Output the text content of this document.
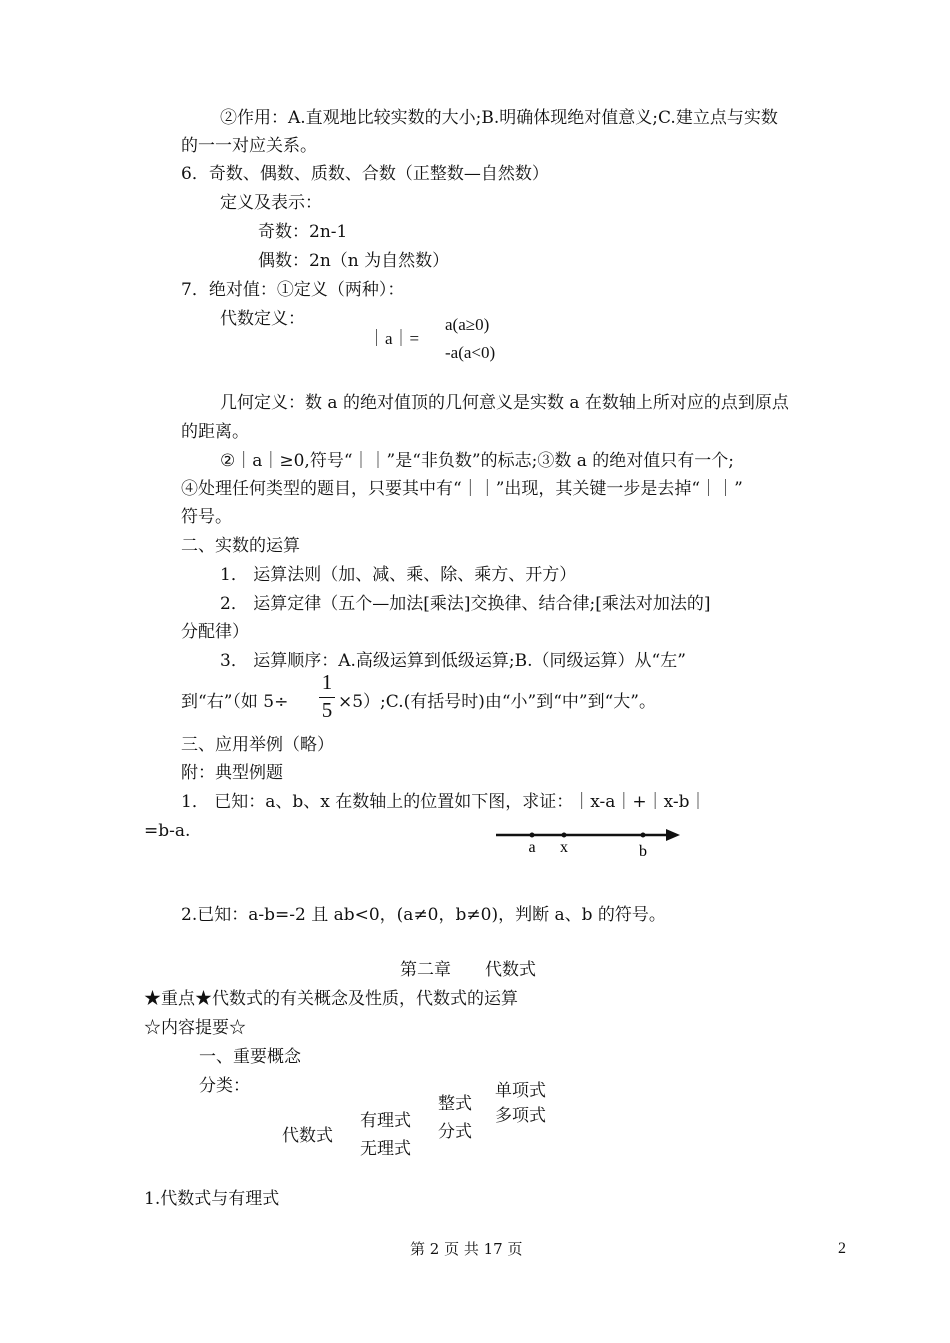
②作用：A.直观地比较实数的大小;B.明确体现绝对值意义;C.建立点与实数
的一一对应关系。
6．奇数、偶数、质数、合数（正整数—自然数）
定义及表示：
奇数：2n-1
偶数：2n（n 为自然数）
7．绝对值：①定义（两种）：
代数定义：
｜a｜=
a(a≥0)
-a(a<0)
几何定义：数 a 的绝对值顶的几何意义是实数 a 在数轴上所对应的点到原点
的距离。
②｜a｜≥0,符号“｜｜”是“非负数”的标志;③数 a 的绝对值只有一个;
④处理任何类型的题目，只要其中有“｜｜”出现，其关键一步是去掉“｜｜”
符号。
二、实数的运算
1． 运算法则（加、减、乘、除、乘方、开方）
2． 运算定律（五个—加法[乘法]交换律、结合律;[乘法对加法的]
分配律）
3． 运算顺序：A.高级运算到低级运算;B.（同级运算）从“左”
到“右”（如 5÷
1
5 ×5）;C.(有括号时)由“小”到“中”到“大”。
三、应用举例（略）
附：典型例题
1． 已知：a、b、x 在数轴上的位置如下图，求证：｜x-a｜+｜x-b｜
=b-a.
a x	b
2.已知：a-b=-2 且 ab<0，(a≠0，b≠0)，判断 a、b 的符号。
第二章　　代数式
★重点★代数式的有关概念及性质，代数式的运算
☆内容提要☆
一、重要概念
分类：
代数式
有理式
无理式
整式
分式
单项式
多项式
1.代数式与有理式
第 2 页 共 17 页	2
